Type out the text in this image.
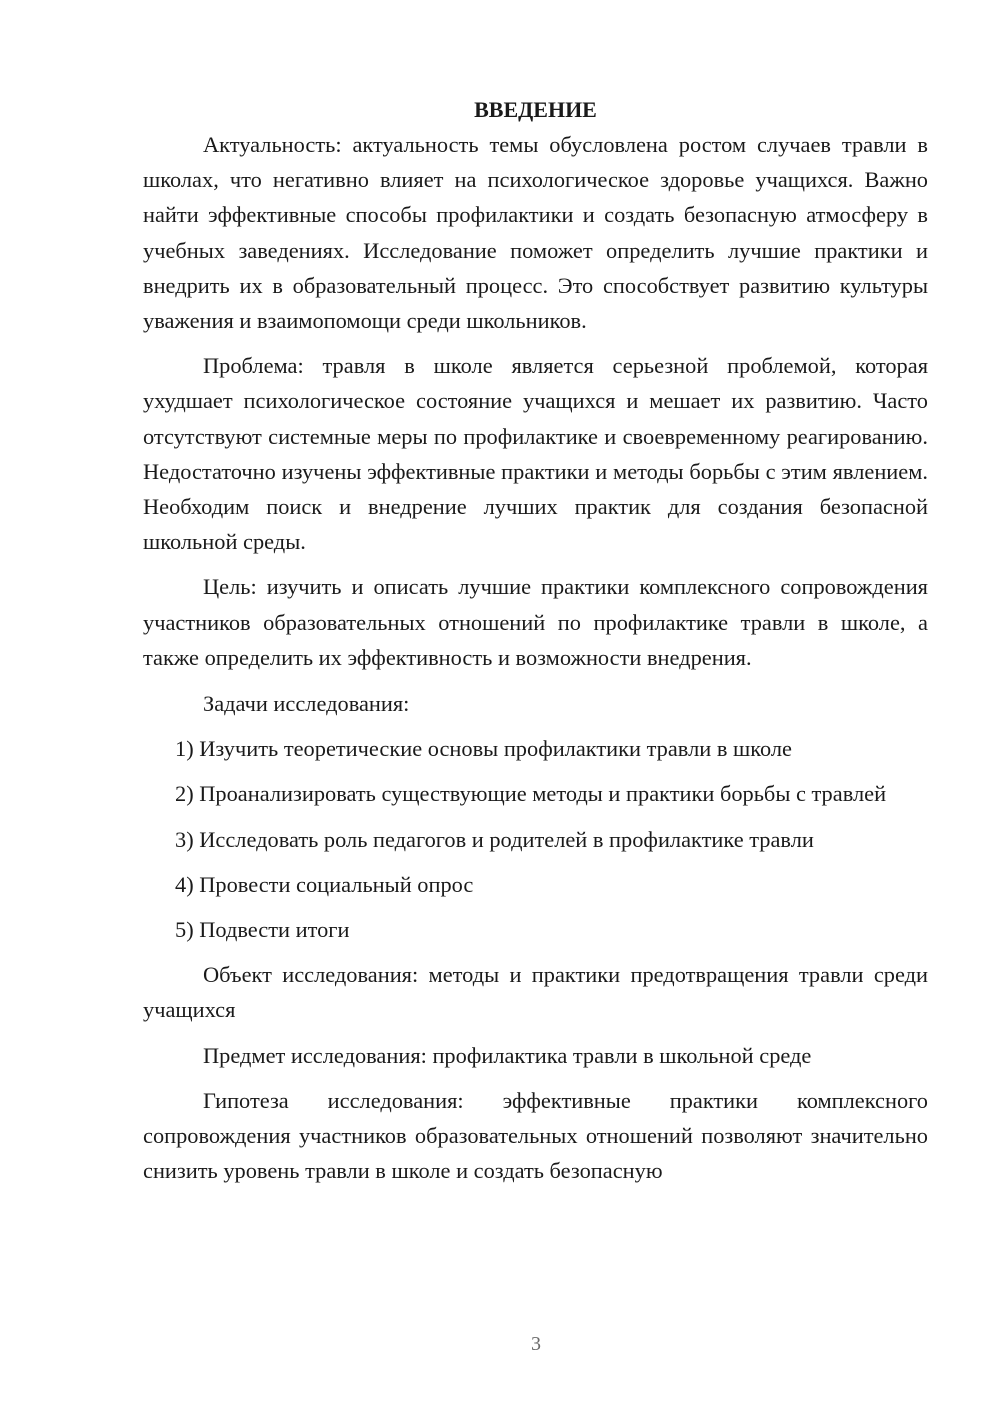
ВВЕДЕНИЕ

Актуальность: актуальность темы обусловлена ростом случаев травли в школах, что негативно влияет на психологическое здоровье учащихся. Важно найти эффективные способы профилактики и создать безопасную атмосферу в учебных заведениях. Исследование поможет определить лучшие практики и внедрить их в образовательный процесс. Это способствует развитию культуры уважения и взаимопомощи среди школьников.

Проблема: травля в школе является серьезной проблемой, которая ухудшает психологическое состояние учащихся и мешает их развитию. Часто отсутствуют системные меры по профилактике и своевременному реагированию. Недостаточно изучены эффективные практики и методы борьбы с этим явлением. Необходим поиск и внедрение лучших практик для создания безопасной школьной среды.

Цель: изучить и описать лучшие практики комплексного сопровождения участников образовательных отношений по профилактике травли в школе, а также определить их эффективность и возможности внедрения.

Задачи исследования:

1) Изучить теоретические основы профилактики травли в школе

2) Проанализировать существующие методы и практики борьбы с травлей

3) Исследовать роль педагогов и родителей в профилактике травли

4) Провести социальный опрос

5) Подвести итоги

Объект исследования: методы и практики предотвращения травли среди учащихся

Предмет исследования: профилактика травли в школьной среде

Гипотеза исследования: эффективные практики комплексного сопровождения участников образовательных отношений позволяют значительно снизить уровень травли в школе и создать безопасную

3
